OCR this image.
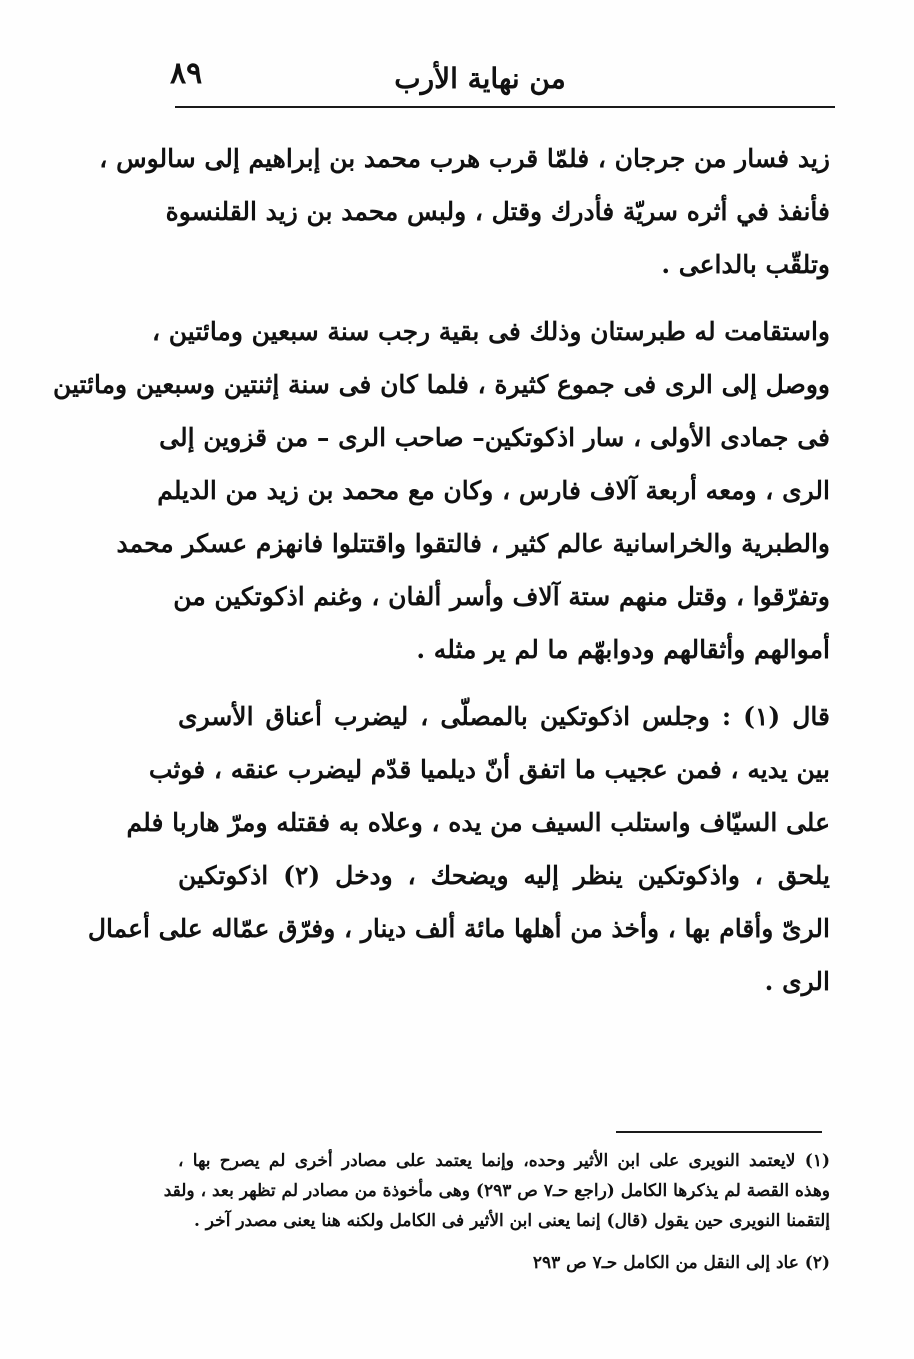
٨٩	من نهاية الأرب
زيد فسار من جرجان ، فلمّا قرب هرب محمد بن إبراهيم إلى سالوس ،
فأنفذ في أثره سريّة فأدرك وقتل ، ولبس محمد بن زيد القلنسوة
وتلقّب بالداعى .
واستقامت له طبرستان وذلك فى بقية رجب سنة سبعين ومائتين ،
ووصل إلى الرى فى جموع كثيرة ، فلما كان فى سنة إثنتين وسبعين ومائتين
فى جمادى الأولى ، سار اذكوتكين– صاحب الرى – من قزوين إلى
الرى ، ومعه أربعة آلاف فارس ، وكان مع محمد بن زيد من الديلم
والطبرية والخراسانية عالم كثير ، فالتقوا واقتتلوا فانهزم عسكر محمد
وتفرّقوا ، وقتل منهم ستة آلاف وأسر ألفان ، وغنم اذكوتكين من
أموالهم وأثقالهم ودوابهّم ما لم ير مثله .
قال (١) : وجلس اذكوتكين بالمصلّى ، ليضرب أعناق الأسرى
بين يديه ، فمن عجيب ما اتفق أنّ ديلميا قدّم ليضرب عنقه ، فوثب
على السيّاف واستلب السيف من يده ، وعلاه به فقتله ومرّ هاربا فلم
يلحق ، واذكوتكين ينظر إليه ويضحك ، ودخل (٢) اذكوتكين
الرىّ وأقام بها ، وأخذ من أهلها مائة ألف دينار ، وفرّق عمّاله على أعمال
الرى .
(١) لايعتمد النويرى على ابن الأثير وحده، وإنما يعتمد على مصادر أخرى لم يصرح بها ،
وهذه القصة لم يذكرها الكامل (راجع حـ٧ ص ٢٩٣) وهى مأخوذة من مصادر لم تظهر بعد ، ولقد
إلتقمنا النويرى حين يقول (قال) إنما يعنى ابن الأثير فى الكامل ولكنه هنا يعنى مصدر آخر .
(٢) عاد إلى النقل من الكامل حـ٧ ص ٢٩٣
